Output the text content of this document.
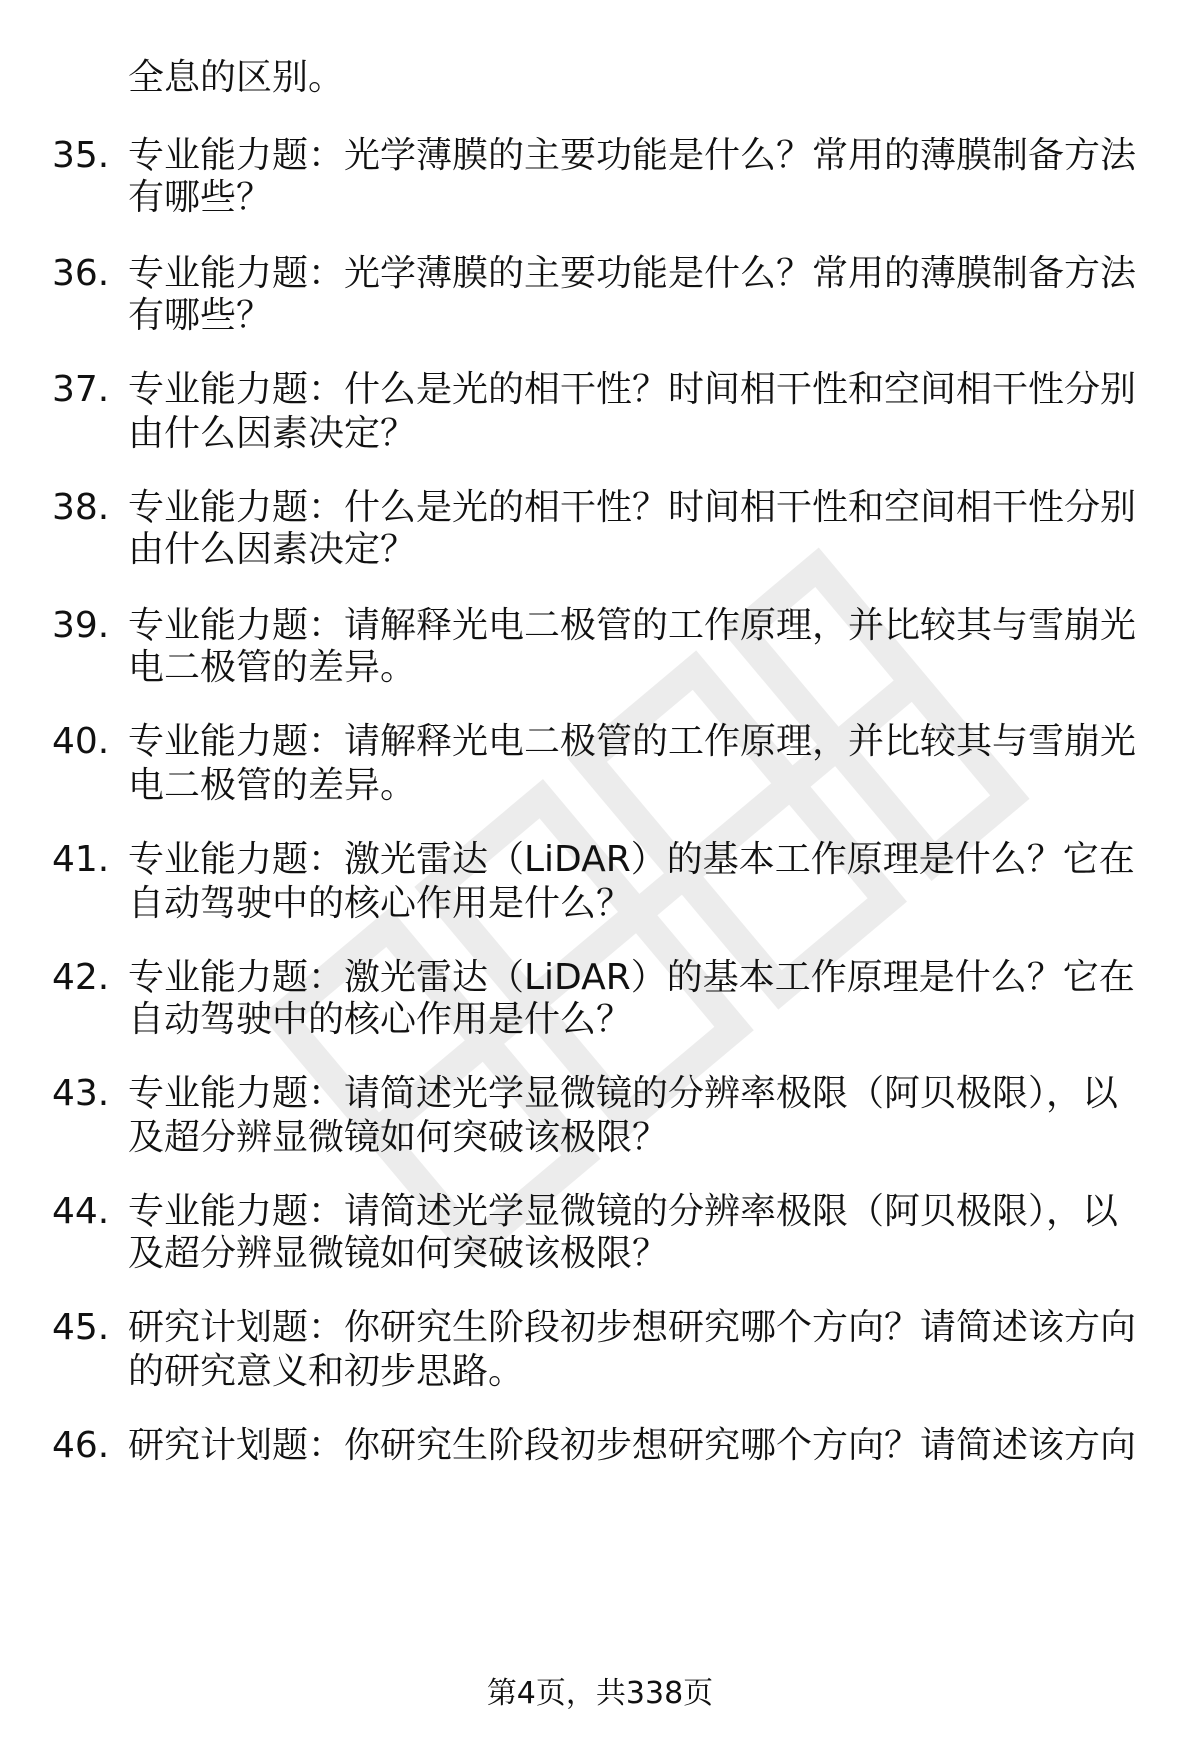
全息的区别。
35. 专业能力题：光学薄膜的主要功能是什么？常用的薄膜制备方法
有哪些？
36. 专业能力题：光学薄膜的主要功能是什么？常用的薄膜制备方法
有哪些？
37. 专业能力题：什么是光的相干性？时间相干性和空间相干性分别
由什么因素决定？
38. 专业能力题：什么是光的相干性？时间相干性和空间相干性分别
由什么因素决定？
39. 专业能力题：请解释光电二极管的工作原理，并比较其与雪崩光
电二极管的差异。
40. 专业能力题：请解释光电二极管的工作原理，并比较其与雪崩光
电二极管的差异。
41. 专业能力题：激光雷达（LiDAR）的基本工作原理是什么？它在
自动驾驶中的核心作用是什么？
42. 专业能力题：激光雷达（LiDAR）的基本工作原理是什么？它在
自动驾驶中的核心作用是什么？
43. 专业能力题：请简述光学显微镜的分辨率极限（阿贝极限），以
及超分辨显微镜如何突破该极限？
44. 专业能力题：请简述光学显微镜的分辨率极限（阿贝极限），以
及超分辨显微镜如何突破该极限？
45. 研究计划题：你研究生阶段初步想研究哪个方向？请简述该方向
的研究意义和初步思路。
46. 研究计划题：你研究生阶段初步想研究哪个方向？请简述该方向
第4页，共338页
